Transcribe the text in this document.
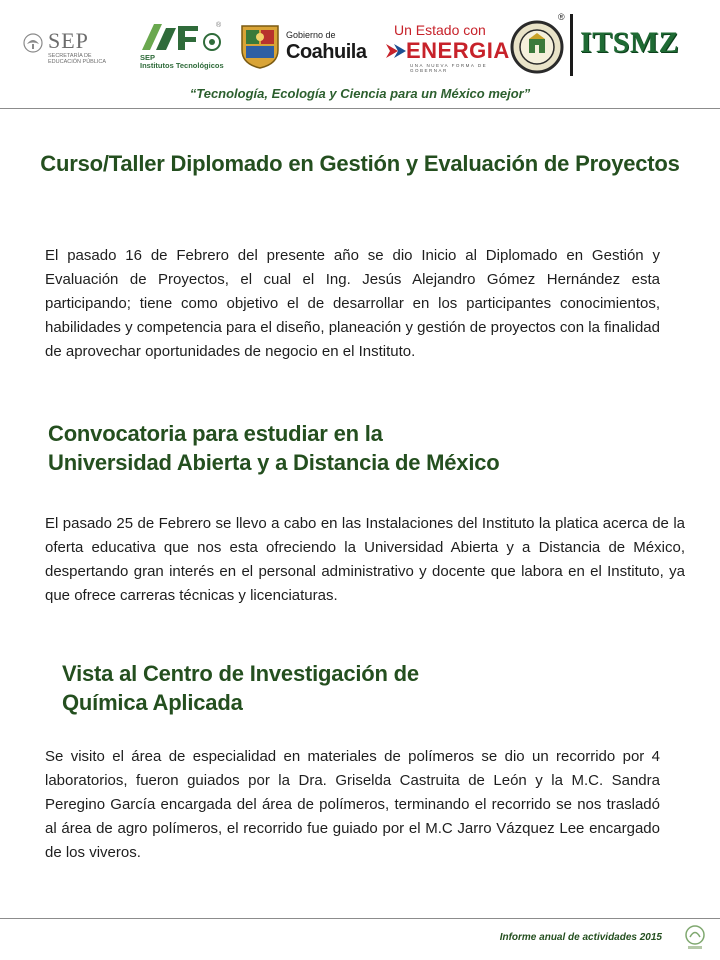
SEP
SECRETARÍA DE EDUCACIÓN PÚBLICA	SEP
Institutos Tecnológicos
®
Gobierno de
Coahuila
Un Estado con
ENERGIA
UNA NUEVA FORMA DE GOBERNAR
®
ITSMZ
“Tecnología, Ecología y Ciencia para un México mejor”
Curso/Taller Diplomado en Gestión y Evaluación de Proyectos
El pasado 16 de Febrero del presente año se dio Inicio al Diplomado en Gestión y Evaluación de Proyectos, el cual el Ing. Jesús Alejandro Gómez Hernández esta participando; tiene como objetivo el de desarrollar en los participantes conocimientos, habilidades y competencia para el diseño, planeación y gestión de proyectos con la finalidad de aprovechar oportunidades de negocio en el Instituto.
Convocatoria para estudiar en la
Universidad Abierta y a Distancia de México
El pasado 25 de Febrero se llevo a cabo en las Instalaciones del Instituto la platica acerca de la oferta educativa que nos esta ofreciendo la Universidad Abierta y a Distancia de México, despertando gran interés en el personal administrativo y docente que labora en el Instituto, ya que ofrece carreras técnicas y licenciaturas.
Vista al Centro de Investigación de
Química Aplicada
Se visito el área de especialidad en materiales de polímeros se dio un recorrido por 4 laboratorios, fueron guiados por la Dra. Griselda Castruita de León y la M.C. Sandra Peregino García encargada del área de polímeros, terminando el recorrido se nos trasladó al área de agro polímeros, el recorrido fue guiado por el M.C Jarro Vázquez Lee encargado de los viveros.
Informe anual de actividades 2015
